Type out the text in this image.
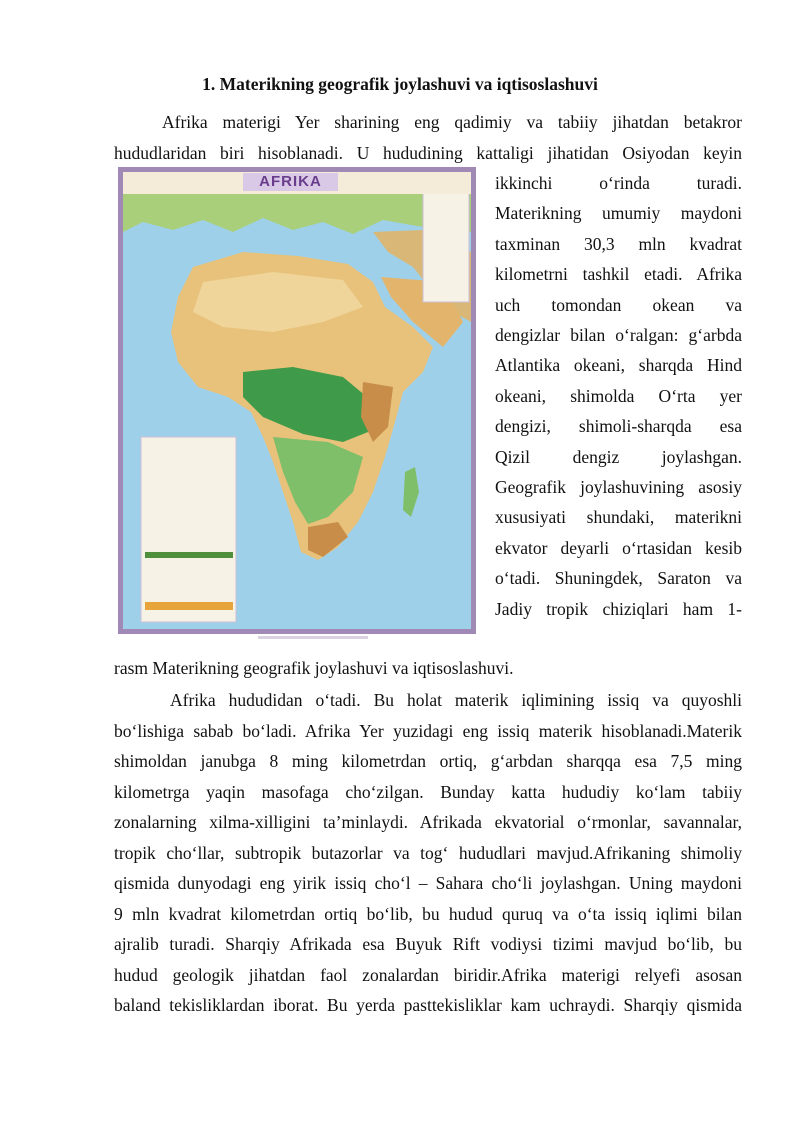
1. Materikning geografik joylashuvi va iqtisoslashuvi
Afrika materigi Yer sharining eng qadimiy va tabiiy jihatdan betakror
hududlaridan biri hisoblanadi. U hududining kattaligi jihatidan Osiyodan keyin
ikkinchi o‘rinda turadi.
Materikning umumiy maydoni
taxminan 30,3 mln kvadrat
kilometrni tashkil etadi. Afrika
uch tomondan okean va
dengizlar bilan o‘ralgan: g‘arbda
Atlantika okeani, sharqda Hind
okeani, shimolda O‘rta yer
dengizi, shimoli-sharqda esa
Qizil dengiz joylashgan.
Geografik joylashuvining asosiy
xususiyati shundaki, materikni
ekvator deyarli o‘rtasidan kesib
o‘tadi. Shuningdek, Saraton va
Jadiy tropik chiziqlari ham 1-
AFRIKA
rasm Materikning geografik joylashuvi va iqtisoslashuvi.
Afrika hududidan o‘tadi. Bu holat materik iqlimining issiq va quyoshli
bo‘lishiga sabab bo‘ladi. Afrika Yer yuzidagi eng issiq materik hisoblanadi.Materik
shimoldan janubga 8 ming kilometrdan ortiq, g‘arbdan sharqqa esa 7,5 ming
kilometrga yaqin masofaga cho‘zilgan. Bunday katta hududiy ko‘lam tabiiy
zonalarning xilma-xilligini ta’minlaydi. Afrikada ekvatorial o‘rmonlar, savannalar,
tropik cho‘llar, subtropik butazorlar va tog‘ hududlari mavjud.Afrikaning shimoliy
qismida dunyodagi eng yirik issiq cho‘l – Sahara cho‘li joylashgan. Uning maydoni
9 mln kvadrat kilometrdan ortiq bo‘lib, bu hudud quruq va o‘ta issiq iqlimi bilan
ajralib turadi. Sharqiy Afrikada esa Buyuk Rift vodiysi tizimi mavjud bo‘lib, bu
hudud geologik jihatdan faol zonalardan biridir.Afrika materigi relyefi asosan
baland tekisliklardan iborat. Bu yerda pasttekisliklar kam uchraydi. Sharqiy qismida
